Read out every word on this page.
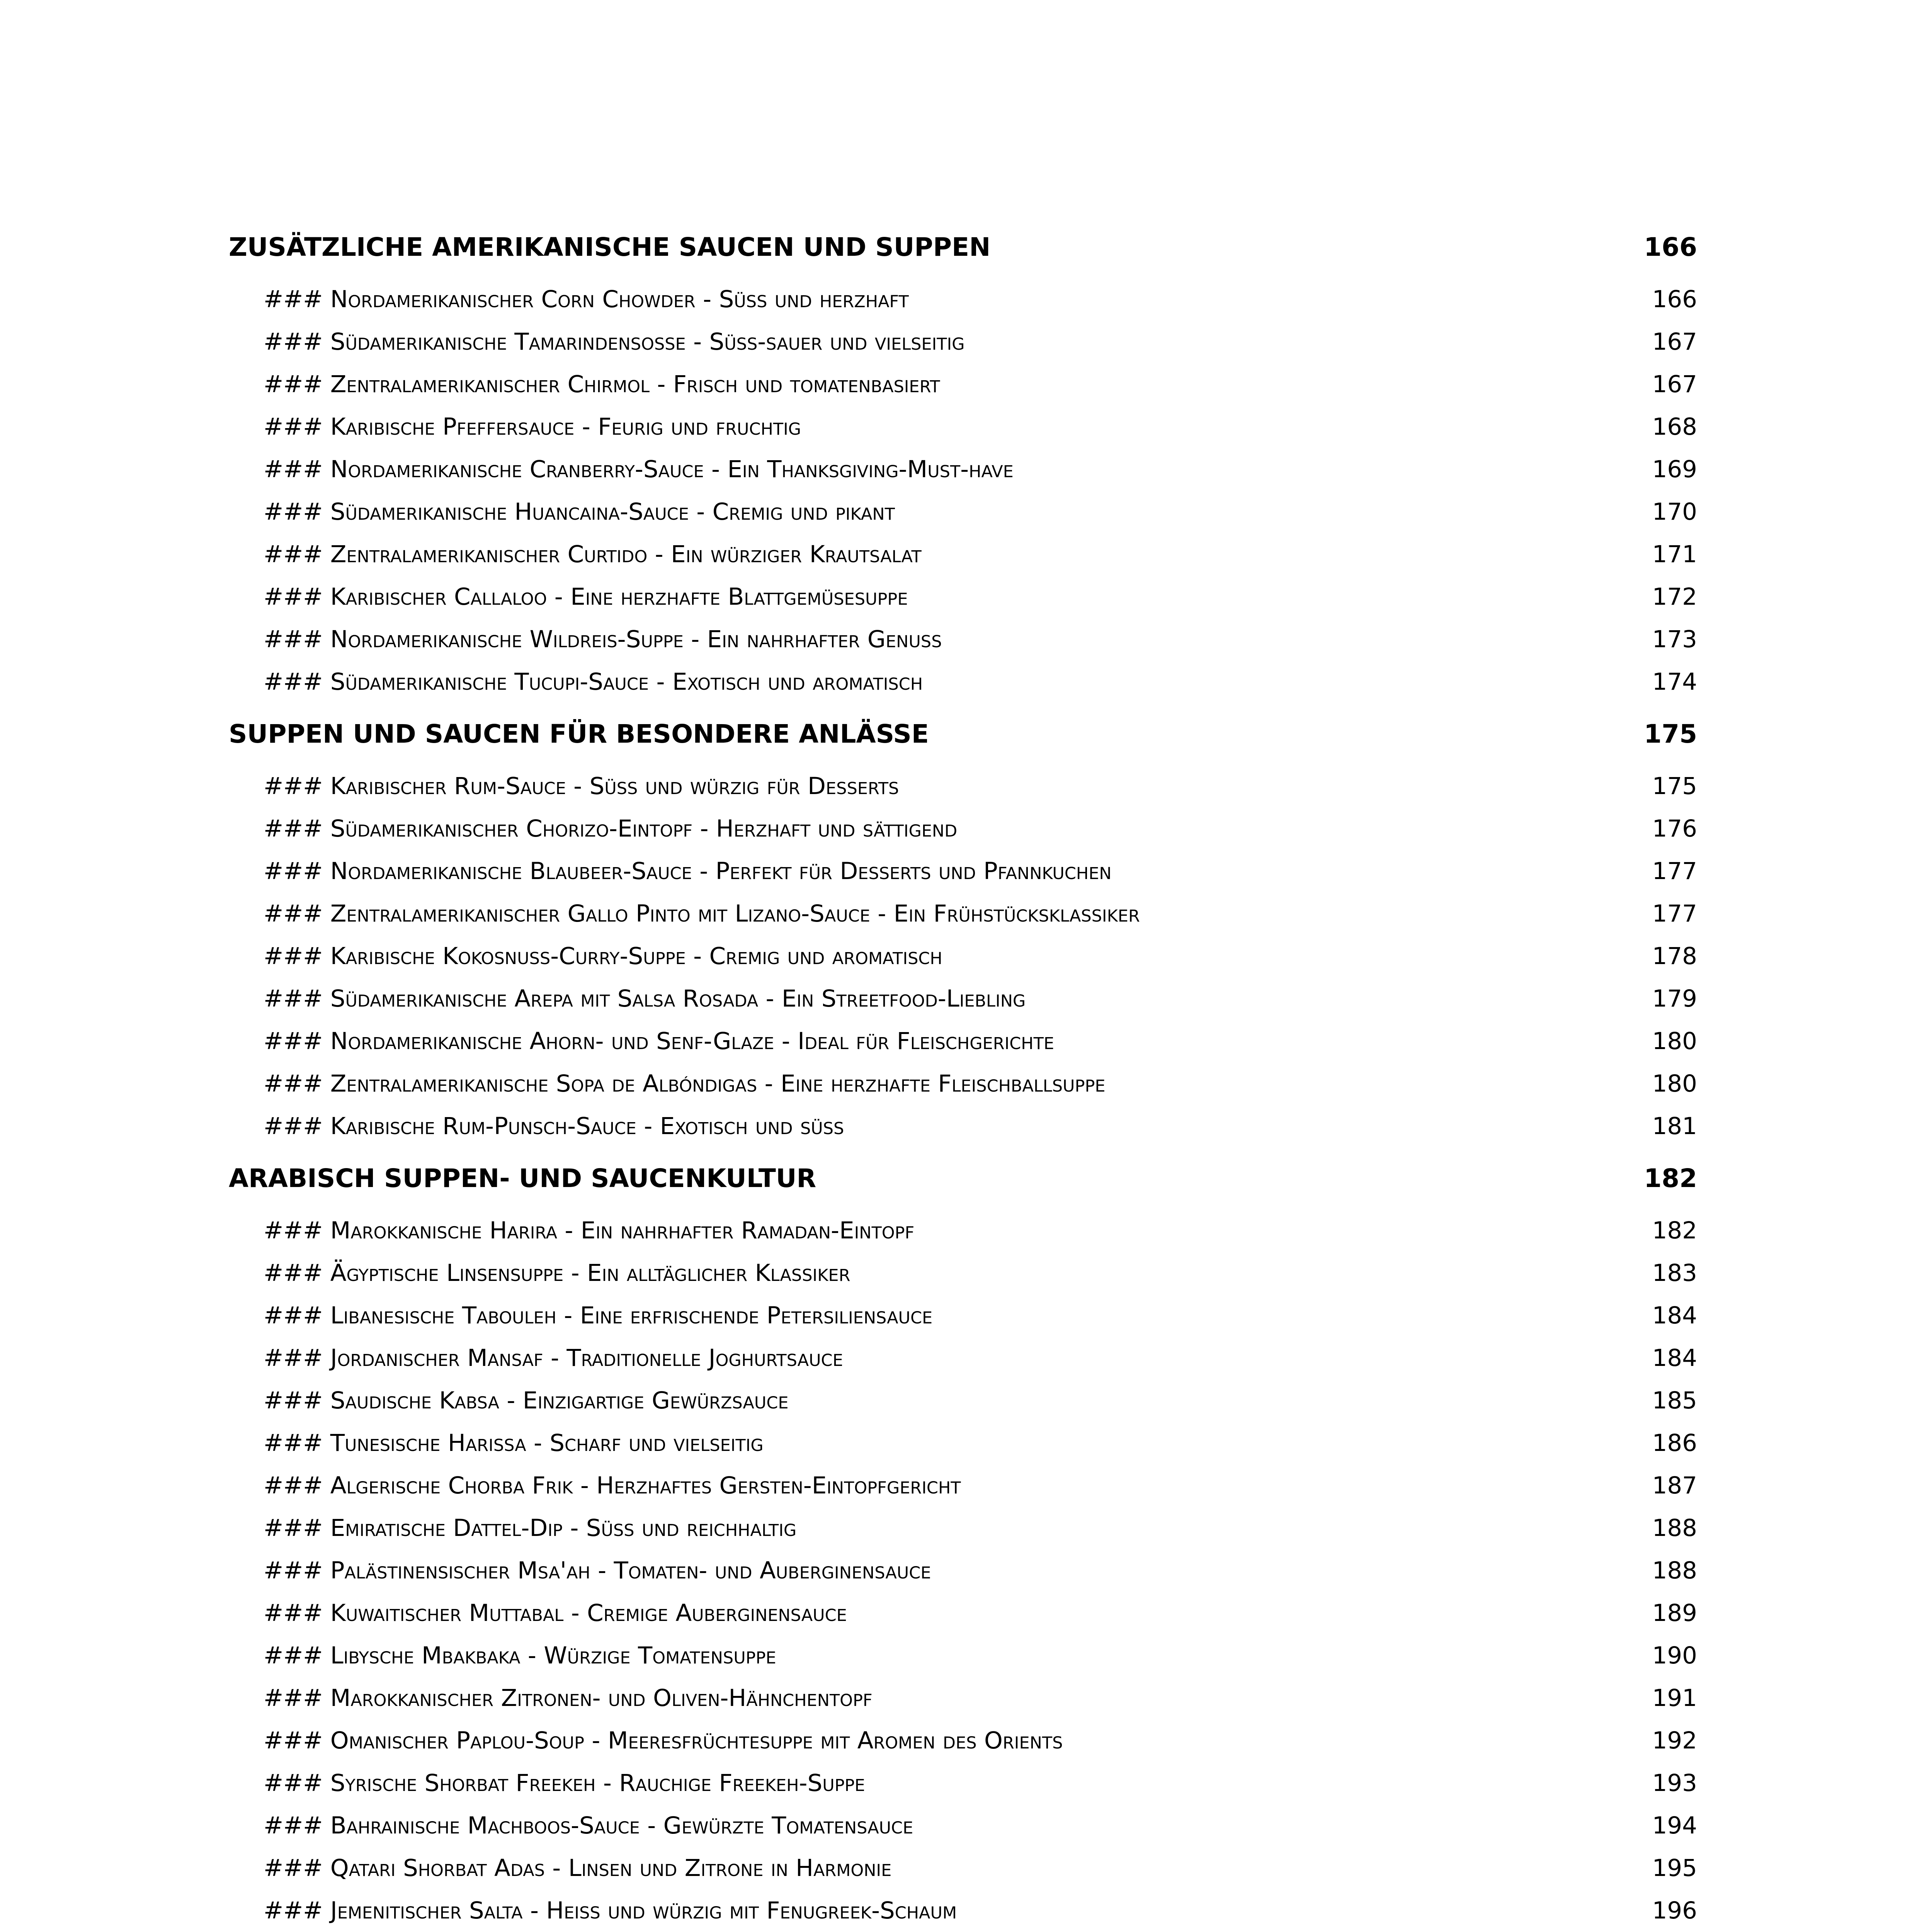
ZUSÄTZLICHE AMERIKANISCHE SAUCEN UND SUPPEN . . .	166
### Nordamerikanischer Corn Chowder - Süß und herzhaft . . .	166
### Südamerikanische Tamarindensoße - Süß-sauer und vielseitig . . .	167
### Zentralamerikanischer Chirmol - Frisch und tomatenbasiert . . .	167
### Karibische Pfeffersauce - Feurig und fruchtig . . .	168
### Nordamerikanische Cranberry-Sauce - Ein Thanksgiving-Must-have . . .	169
### Südamerikanische Huancaina-Sauce - Cremig und pikant . . .	170
### Zentralamerikanischer Curtido - Ein würziger Krautsalat . . .	171
### Karibischer Callaloo - Eine herzhafte Blattgemüsesuppe . . .	172
### Nordamerikanische Wildreis-Suppe - Ein nahrhafter Genuss . . .	173
### Südamerikanische Tucupi-Sauce - Exotisch und aromatisch . . .	174
SUPPEN UND SAUCEN FÜR BESONDERE ANLÄSSE . . .	175
### Karibischer Rum-Sauce - Süß und würzig für Desserts . . .	175
### Südamerikanischer Chorizo-Eintopf - Herzhaft und sättigend . . .	176
### Nordamerikanische Blaubeer-Sauce - Perfekt für Desserts und Pfannkuchen . . .	177
### Zentralamerikanischer Gallo Pinto mit Lizano-Sauce - Ein Frühstücksklassiker . . .	177
### Karibische Kokosnuss-Curry-Suppe - Cremig und aromatisch . . .	178
### Südamerikanische Arepa mit Salsa Rosada - Ein Streetfood-Liebling . . .	179
### Nordamerikanische Ahorn- und Senf-Glaze - Ideal für Fleischgerichte . . .	180
### Zentralamerikanische Sopa de Albóndigas - Eine herzhafte Fleischballsuppe . . .	180
### Karibische Rum-Punsch-Sauce - Exotisch und süß . . .	181
ARABISCH SUPPEN- UND SAUCENKULTUR . . .	182
### Marokkanische Harira - Ein nahrhafter Ramadan-Eintopf . . .	182
### Ägyptische Linsensuppe - Ein alltäglicher Klassiker . . .	183
### Libanesische Tabouleh - Eine erfrischende Petersiliensauce . . .	184
### Jordanischer Mansaf - Traditionelle Joghurtsauce . . .	184
### Saudische Kabsa - Einzigartige Gewürzsauce . . .	185
### Tunesische Harissa - Scharf und vielseitig . . .	186
### Algerische Chorba Frik - Herzhaftes Gersten-Eintopfgericht . . .	187
### Emiratische Dattel-Dip - Süß und reichhaltig . . .	188
### Palästinensischer Msa'ah - Tomaten- und Auberginensauce . . .	188
### Kuwaitischer Muttabal - Cremige Auberginensauce . . .	189
### Libysche Mbakbaka - Würzige Tomatensuppe . . .	190
### Marokkanischer Zitronen- und Oliven-Hähnchentopf . . .	191
### Omanischer Paplou-Soup - Meeresfrüchtesuppe mit Aromen des Orients . . .	192
### Syrische Shorbat Freekeh - Rauchige Freekeh-Suppe . . .	193
### Bahrainische Machboos-Sauce - Gewürzte Tomatensauce . . .	194
### Qatari Shorbat Adas - Linsen und Zitrone in Harmonie . . .	195
### Jemenitischer Salta - Heiß und würzig mit Fenugreek-Schaum . . .	196
